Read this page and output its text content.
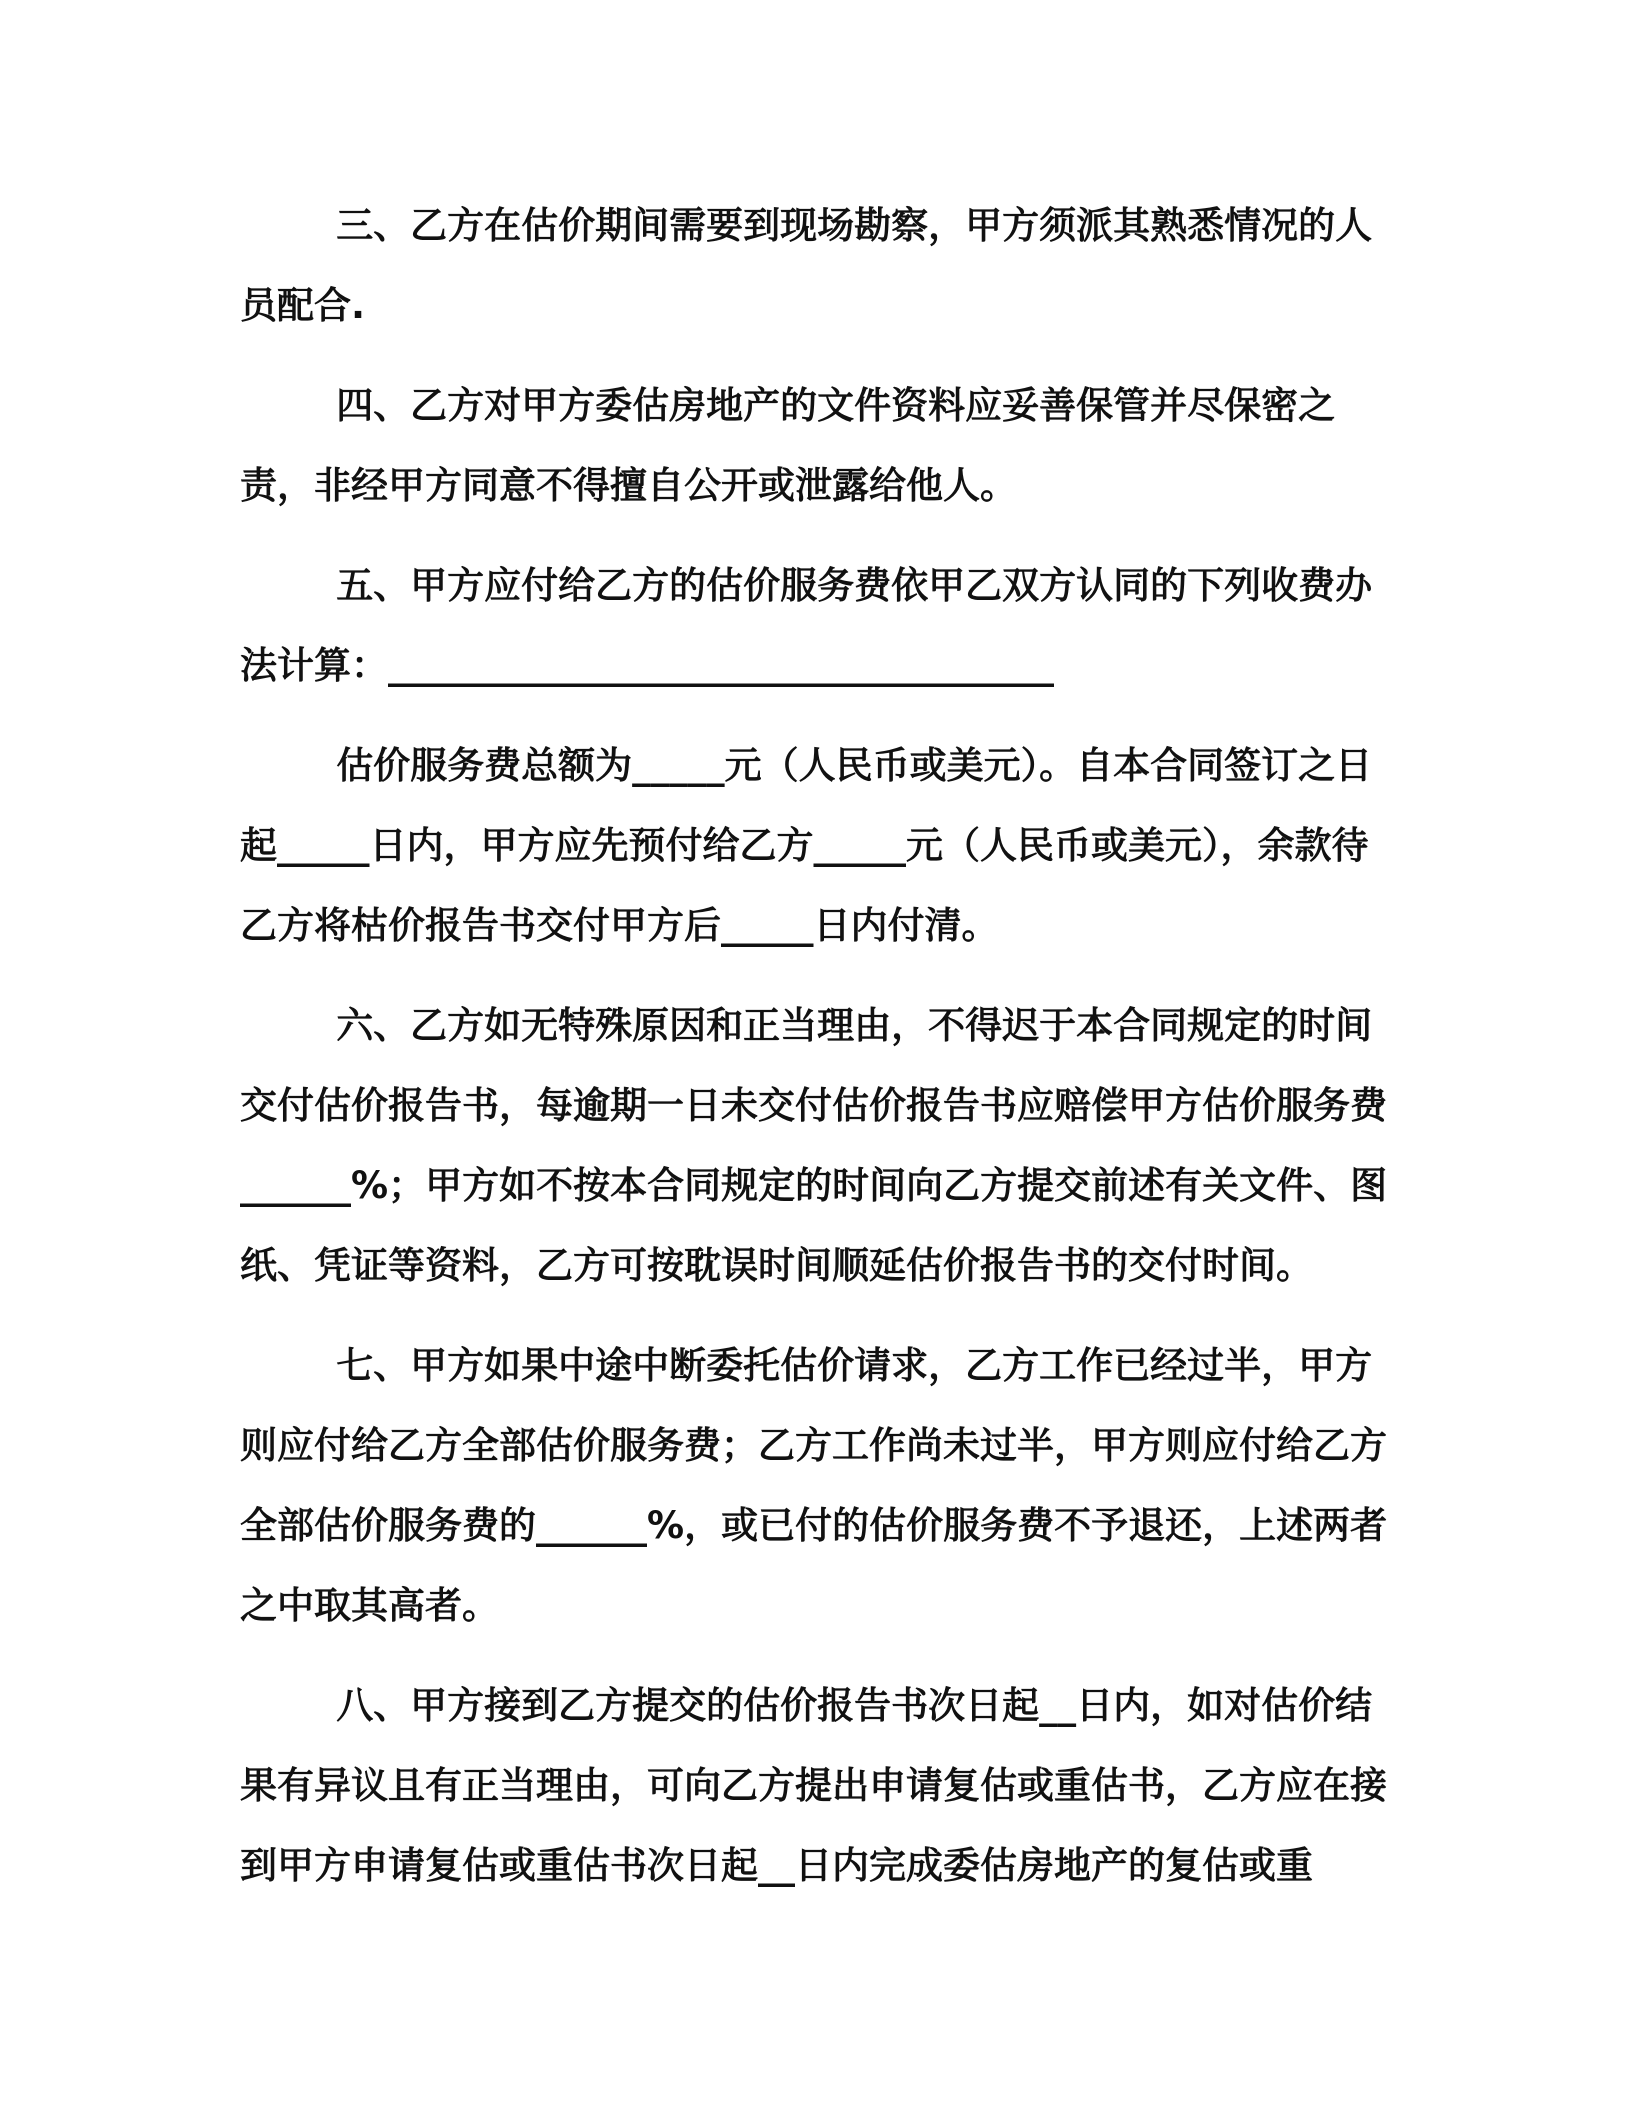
三、乙方在估价期间需要到现场勘察，甲方须派其熟悉情况的人员配合.

四、乙方对甲方委估房地产的文件资料应妥善保管并尽保密之责，非经甲方同意不得擅自公开或泄露给他人。

五、甲方应付给乙方的估价服务费依甲乙双方认同的下列收费办法计算：____________________________________

估价服务费总额为_____元（人民币或美元）。自本合同签订之日起_____日内，甲方应先预付给乙方_____元（人民币或美元），余款待乙方将枯价报告书交付甲方后_____日内付清。

六、乙方如无特殊原因和正当理由，不得迟于本合同规定的时间交付估价报告书，每逾期一日未交付估价报告书应赔偿甲方估价服务费______%；甲方如不按本合同规定的时间向乙方提交前述有关文件、图纸、凭证等资料，乙方可按耽误时间顺延估价报告书的交付时间。

七、甲方如果中途中断委托估价请求，乙方工作已经过半，甲方则应付给乙方全部估价服务费；乙方工作尚未过半，甲方则应付给乙方全部估价服务费的______%，或已付的估价服务费不予退还，上述两者之中取其高者。

八、甲方接到乙方提交的估价报告书次日起__日内，如对估价结果有异议且有正当理由，可向乙方提出申请复估或重估书，乙方应在接到甲方申请复估或重估书次日起__日内完成委估房地产的复估或重
